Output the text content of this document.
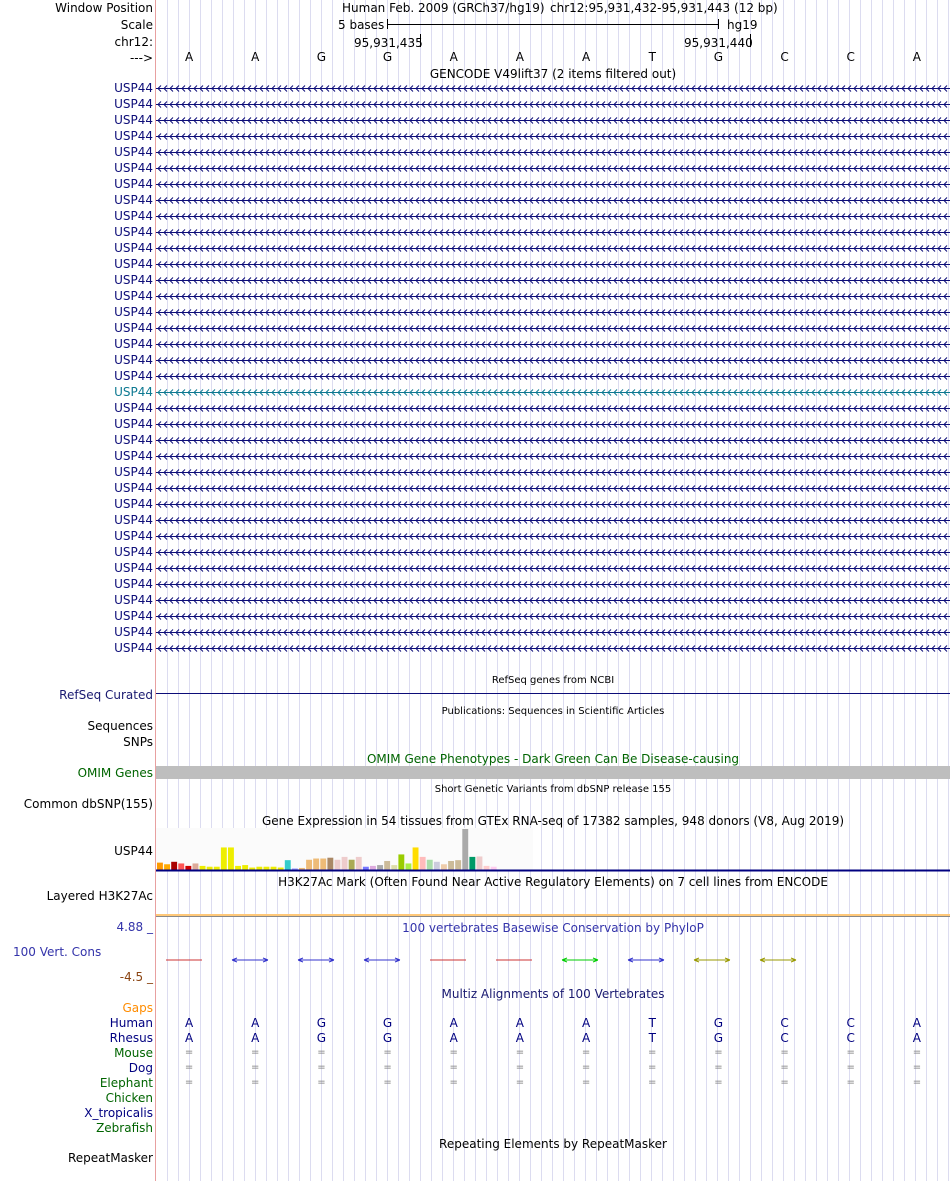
Window Position
Scale
chr12:
--->
Human Feb. 2009 (GRCh37/hg19) chr12:95,931,432-95,931,443 (12 bp)
5 bases	hg19
95,931,435	95,931,440
A	A	G	G	A	A	A	T	G	C	C	A
GENCODE V49lift37 (2 items filtered out)
USP44
USP44
USP44
USP44
USP44
USP44
USP44
USP44
USP44
USP44
USP44
USP44
USP44
USP44
USP44
USP44
USP44
USP44
USP44
USP44
USP44
USP44
USP44
USP44
USP44
USP44
USP44
USP44
USP44
USP44
USP44
USP44
USP44
USP44
USP44
USP44
RefSeq genes from NCBI
RefSeq Curated
Publications: Sequences in Scientific Articles
Sequences
SNPs
OMIM Gene Phenotypes - Dark Green Can Be Disease-causing
OMIM Genes
Short Genetic Variants from dbSNP release 155
Common dbSNP(155)
Gene Expression in 54 tissues from GTEx RNA-seq of 17382 samples, 948 donors (V8, Aug 2019)
USP44
H3K27Ac Mark (Often Found Near Active Regulatory Elements) on 7 cell lines from ENCODE
Layered H3K27Ac
100 vertebrates Basewise Conservation by PhyloP
4.88 _
100 Vert. Cons
-4.5 _
Multiz Alignments of 100 Vertebrates
Gaps
Human	A	A	G	G	A	A	A	T	G	C	C	A
Rhesus	A	A	G	G	A	A	A	T	G	C	C	A
Mouse	=	=	=	=	=	=	=	=	=	=	=	=
Dog	=	=	=	=	=	=	=	=	=	=	=	=
Elephant	=	=	=	=	=	=	=	=	=	=	=	=
Chicken
X_tropicalis
Zebrafish
Repeating Elements by RepeatMasker
RepeatMasker
